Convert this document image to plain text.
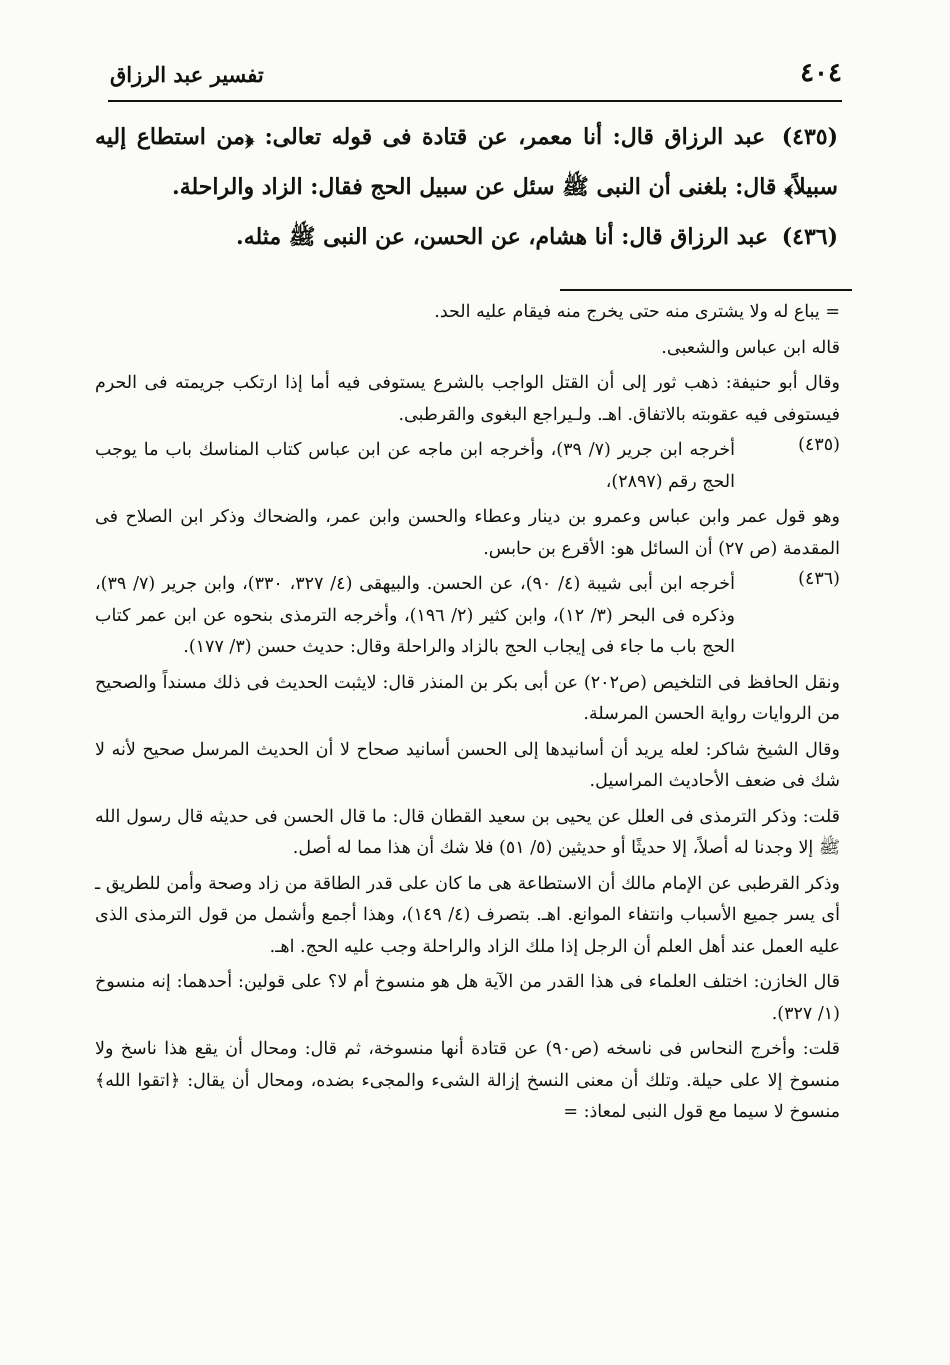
٤٠٤
تفسير عبد الرزاق

(٤٣٥) عبد الرزاق قال: أنا معمر، عن قتادة فى قوله تعالى: ﴿من استطاع إليه سبيلاً﴾ قال: بلغنى أن النبى ﷺ سئل عن سبيل الحج فقال: الزاد والراحلة.

(٤٣٦) عبد الرزاق قال: أنا هشام، عن الحسن، عن النبى ﷺ مثله.

= يباع له ولا يشترى منه حتى يخرج منه فيقام عليه الحد.

قاله ابن عباس والشعبى.

وقال أبو حنيفة: ذهب ثور إلى أن القتل الواجب بالشرع يستوفى فيه أما إذا ارتكب جريمته فى الحرم فيستوفى فيه عقوبته بالاتفاق. اهـ. ولـيراجع البغوى والقرطبى.

(٤٣٥)

أخرجه ابن جرير (٧/ ٣٩)، وأخرجه ابن ماجه عن ابن عباس كتاب المناسك باب ما يوجب الحج رقم (٢٨٩٧)،

وهو قول عمر وابن عباس وعمرو بن دينار وعطاء والحسن وابن عمر، والضحاك وذكر ابن الصلاح فى المقدمة (ص ٢٧) أن السائل هو: الأقرع بن حابس.

(٤٣٦)

أخرجه ابن أبى شيبة (٤/ ٩٠)، عن الحسن. والبيهقى (٤/ ٣٢٧، ٣٣٠)، وابن جرير (٧/ ٣٩)، وذكره فى البحر (٣/ ١٢)، وابن كثير (٢/ ١٩٦)، وأخرجه الترمذى بنحوه عن ابن عمر كتاب الحج باب ما جاء فى إيجاب الحج بالزاد والراحلة وقال: حديث حسن (٣/ ١٧٧).

ونقل الحافظ فى التلخيص (ص٢٠٢) عن أبى بكر بن المنذر قال: لايثبت الحديث فى ذلك مسنداً والصحيح من الروايات رواية الحسن المرسلة.

وقال الشيخ شاكر: لعله يريد أن أسانيدها إلى الحسن أسانيد صحاح لا أن الحديث المرسل صحيح لأنه لا شك فى ضعف الأحاديث المراسيل.

قلت: وذكر الترمذى فى العلل عن يحيى بن سعيد القطان قال: ما قال الحسن فى حديثه قال رسول الله ﷺ إلا وجدنا له أصلاً، إلا حديثًا أو حديثين (٥/ ٥١) فلا شك أن هذا مما له أصل.

وذكر القرطبى عن الإمام مالك أن الاستطاعة هى ما كان على قدر الطاقة من زاد وصحة وأمن للطريق ـ أى يسر جميع الأسباب وانتفاء الموانع. اهـ. بتصرف (٤/ ١٤٩)، وهذا أجمع وأشمل من قول الترمذى الذى عليه العمل عند أهل العلم أن الرجل إذا ملك الزاد والراحلة وجب عليه الحج. اهـ.

قال الخازن: اختلف العلماء فى هذا القدر من الآية هل هو منسوخ أم لا؟ على قولين: أحدهما: إنه منسوخ (١/ ٣٢٧).

قلت: وأخرج النحاس فى ناسخه (ص٩٠) عن قتادة أنها منسوخة، ثم قال: ومحال أن يقع هذا ناسخ ولا منسوخ إلا على حيلة. وتلك أن معنى النسخ إزالة الشىء والمجىء بضده، ومحال أن يقال: ﴿اتقوا الله﴾ منسوخ لا سيما مع قول النبى لمعاذ: =
